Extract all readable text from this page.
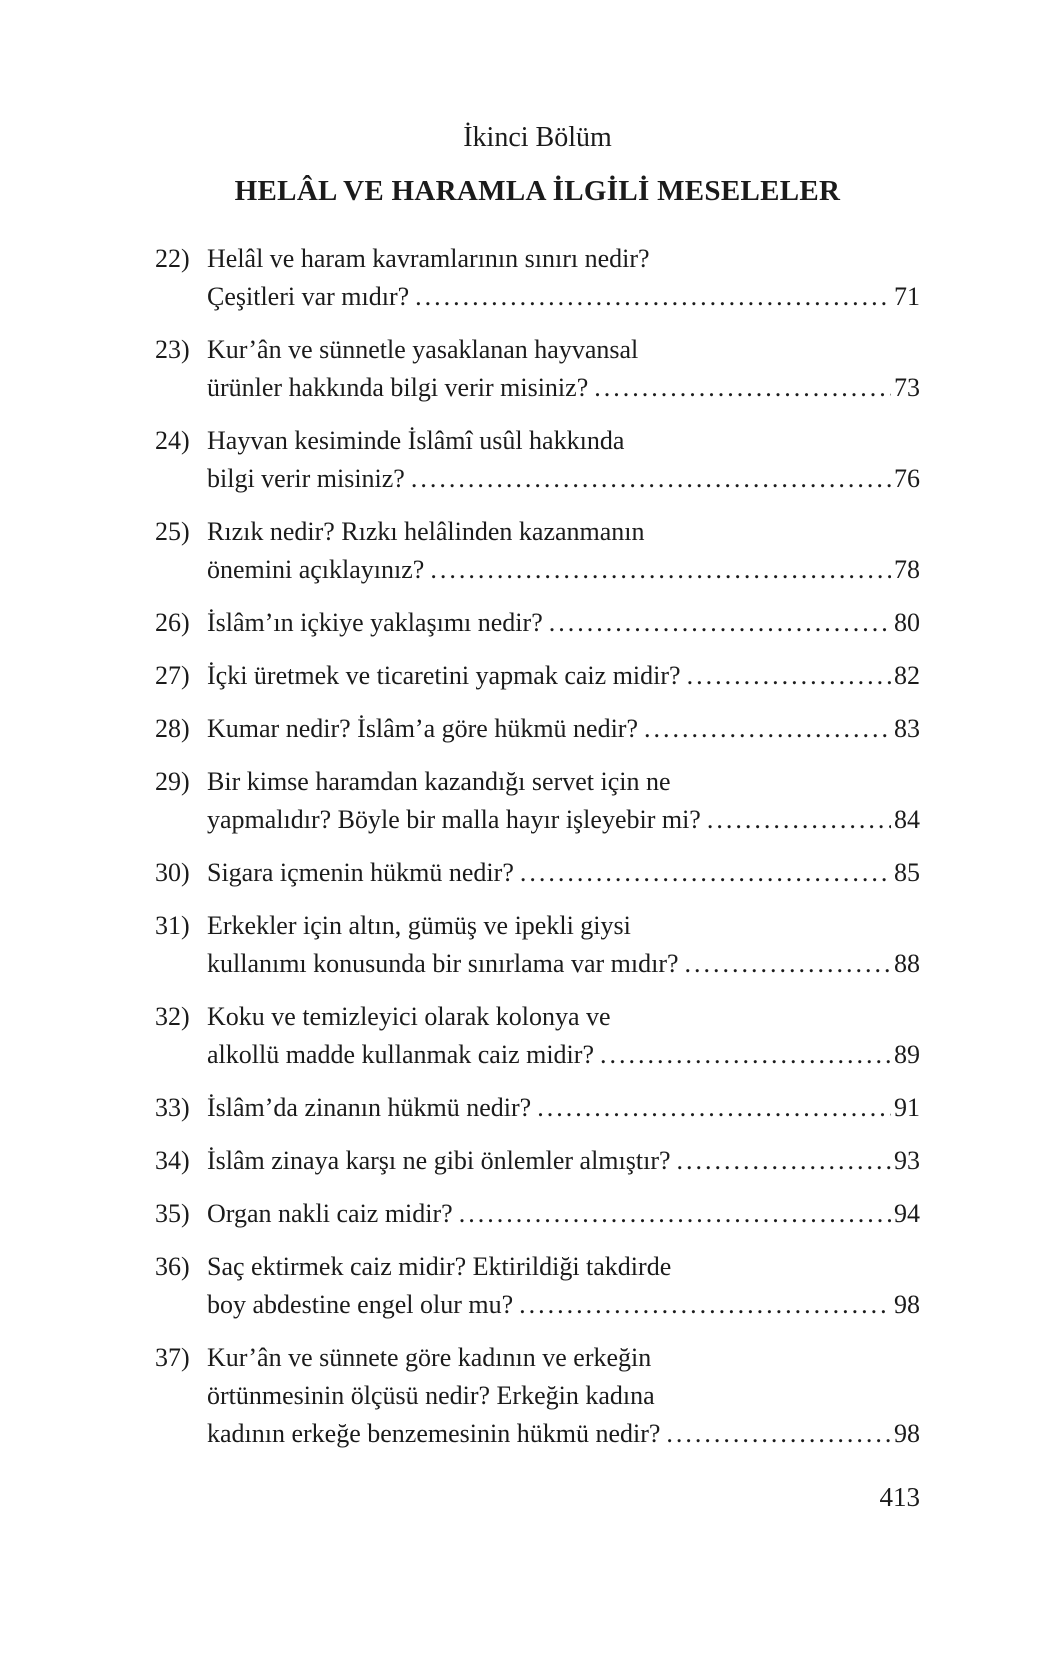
İkinci Bölüm
HELÂL VE HARAMLA İLGİLİ MESELELER
22) Helâl ve haram kavramlarının sınırı nedir?
Çeşitleri var mıdır? .....	71
23) Kur’ân ve sünnetle yasaklanan hayvansal
ürünler hakkında bilgi verir misiniz? .....	73
24) Hayvan kesiminde İslâmî usûl hakkında
bilgi verir misiniz? .....	76
25) Rızık nedir? Rızkı helâlinden kazanmanın
önemini açıklayınız? .....	78
26) İslâm’ın içkiye yaklaşımı nedir? .....	80
27) İçki üretmek ve ticaretini yapmak caiz midir? .....	82
28) Kumar nedir? İslâm’a göre hükmü nedir? .....	83
29) Bir kimse haramdan kazandığı servet için ne
yapmalıdır? Böyle bir malla hayır işleyebir mi? .....	84
30) Sigara içmenin hükmü nedir? .....	85
31) Erkekler için altın, gümüş ve ipekli giysi
kullanımı konusunda bir sınırlama var mıdır? .....	88
32) Koku ve temizleyici olarak kolonya ve
alkollü madde kullanmak caiz midir? .....	89
33) İslâm’da zinanın hükmü nedir? .....	91
34) İslâm zinaya karşı ne gibi önlemler almıştır? .....	93
35) Organ nakli caiz midir? .....	94
36) Saç ektirmek caiz midir? Ektirildiği takdirde
boy abdestine engel olur mu? .....	98
37) Kur’ân ve sünnete göre kadının ve erkeğin
örtünmesinin ölçüsü nedir? Erkeğin kadına
kadının erkeğe benzemesinin hükmü nedir? .....	98
413
